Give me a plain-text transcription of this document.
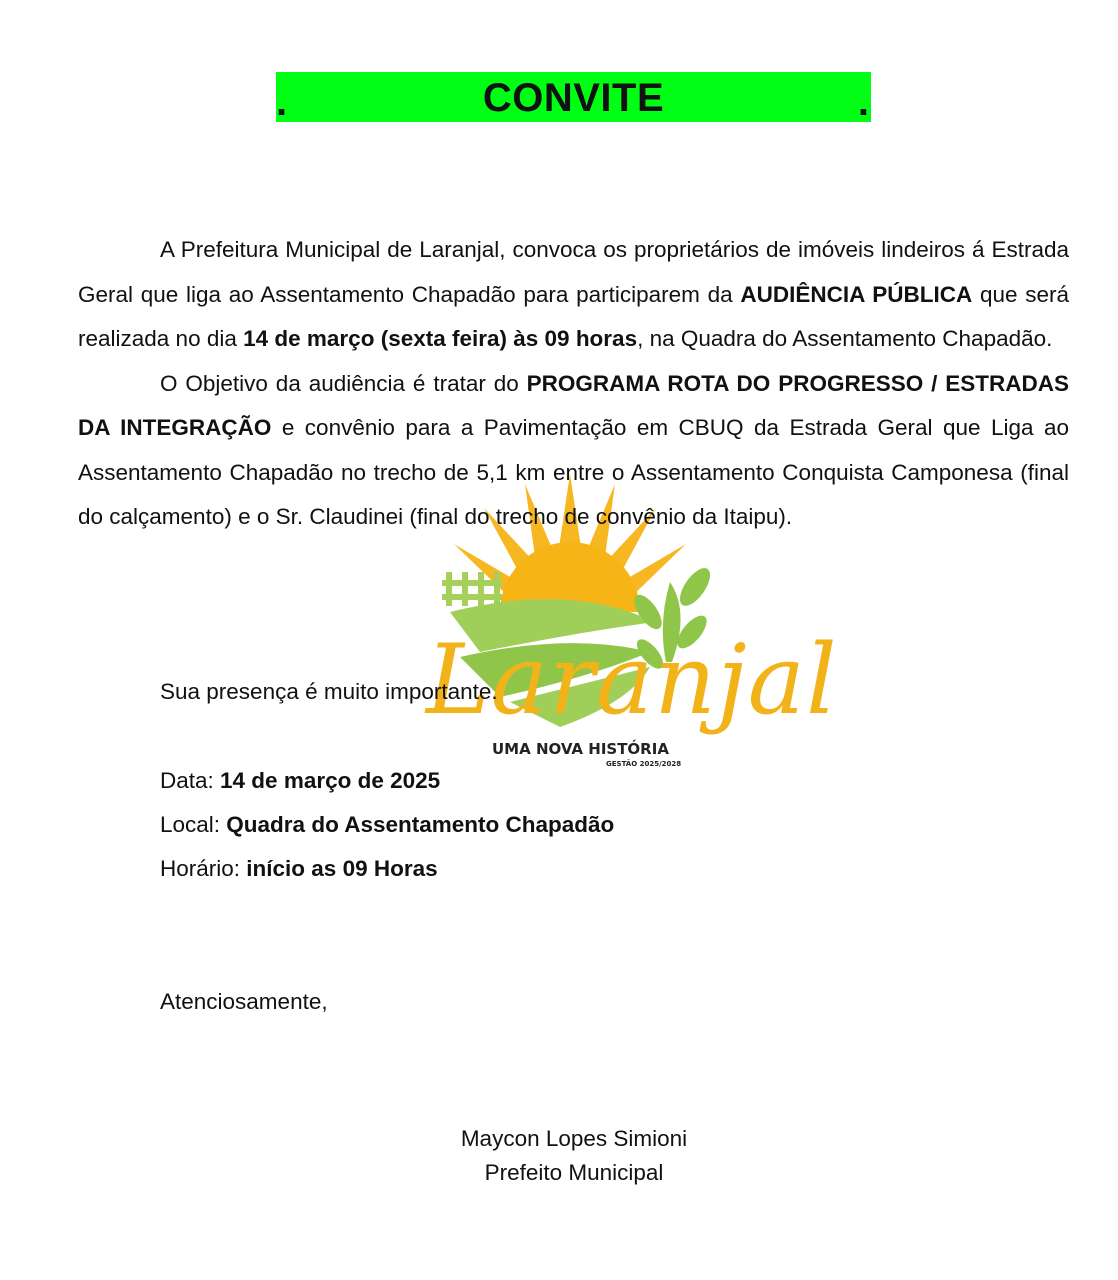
.	CONVITE	.
Laranjal
UMA NOVA HISTÓRIA
GESTÃO 2025/2028

A Prefeitura Municipal de Laranjal, convoca os proprietários de imóveis lindeiros á Estrada Geral que liga ao Assentamento Chapadão para participarem da AUDIÊNCIA PÚBLICA que será realizada no dia 14 de março (sexta feira) às 09 horas, na Quadra do Assentamento Chapadão.

O Objetivo da audiência é tratar do PROGRAMA ROTA DO PROGRESSO / ESTRADAS DA INTEGRAÇÃO e convênio para a Pavimentação em CBUQ da Estrada Geral que Liga ao Assentamento Chapadão no trecho de 5,1 km entre o Assentamento Conquista Camponesa (final do calçamento) e o Sr. Claudinei (final do trecho de convênio da Itaipu).

Sua presença é muito importante.
Data: 14 de março de 2025
Local: Quadra do Assentamento Chapadão
Horário: início as 09 Horas
Atenciosamente,
Maycon Lopes Simioni
Prefeito Municipal
